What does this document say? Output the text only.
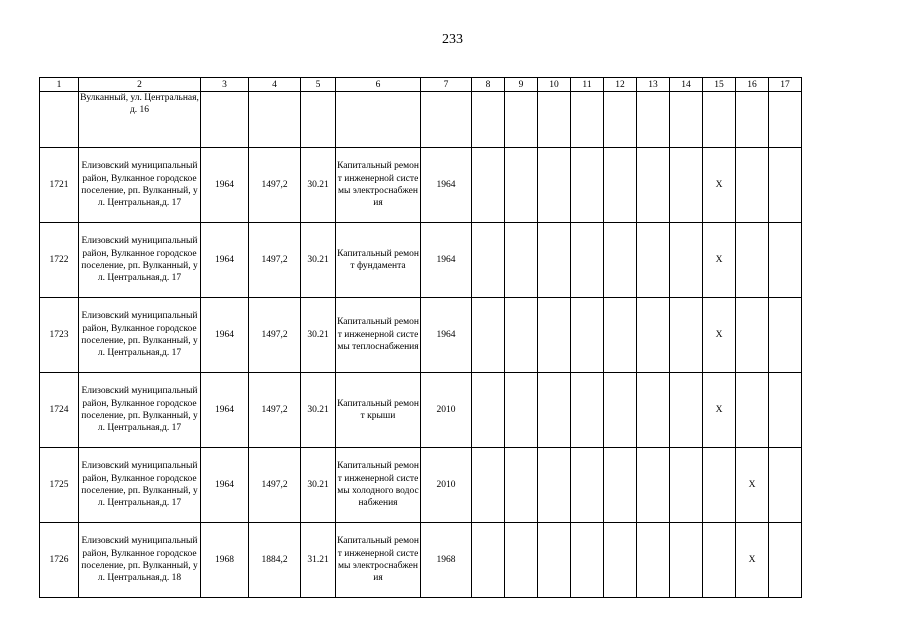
233
1	2	3	4	5	6	7	8	9	10	11	12	13	14	15	16	17
	Вулканный, ул. Центральная,д. 16															
1721	Елизовский муниципальный район, Вулканное городское поселение, рп. Вулканный, ул. Центральная,д. 17	1964	1497,2	30.21	Капитальный ремонт инженерной системы электроснабжения	1964								X		
1722	Елизовский муниципальный район, Вулканное городское поселение, рп. Вулканный, ул. Центральная,д. 17	1964	1497,2	30.21	Капитальный ремонт фундамента	1964								X		
1723	Елизовский муниципальный район, Вулканное городское поселение, рп. Вулканный, ул. Центральная,д. 17	1964	1497,2	30.21	Капитальный ремонт инженерной системы теплоснабжения	1964								X		
1724	Елизовский муниципальный район, Вулканное городское поселение, рп. Вулканный, ул. Центральная,д. 17	1964	1497,2	30.21	Капитальный ремонт крыши	2010								X		
1725	Елизовский муниципальный район, Вулканное городское поселение, рп. Вулканный, ул. Центральная,д. 17	1964	1497,2	30.21	Капитальный ремонт инженерной системы холодного водоснабжения	2010									X	
1726	Елизовский муниципальный район, Вулканное городское поселение, рп. Вулканный, ул. Центральная,д. 18	1968	1884,2	31.21	Капитальный ремонт инженерной системы электроснабжения	1968									X	
